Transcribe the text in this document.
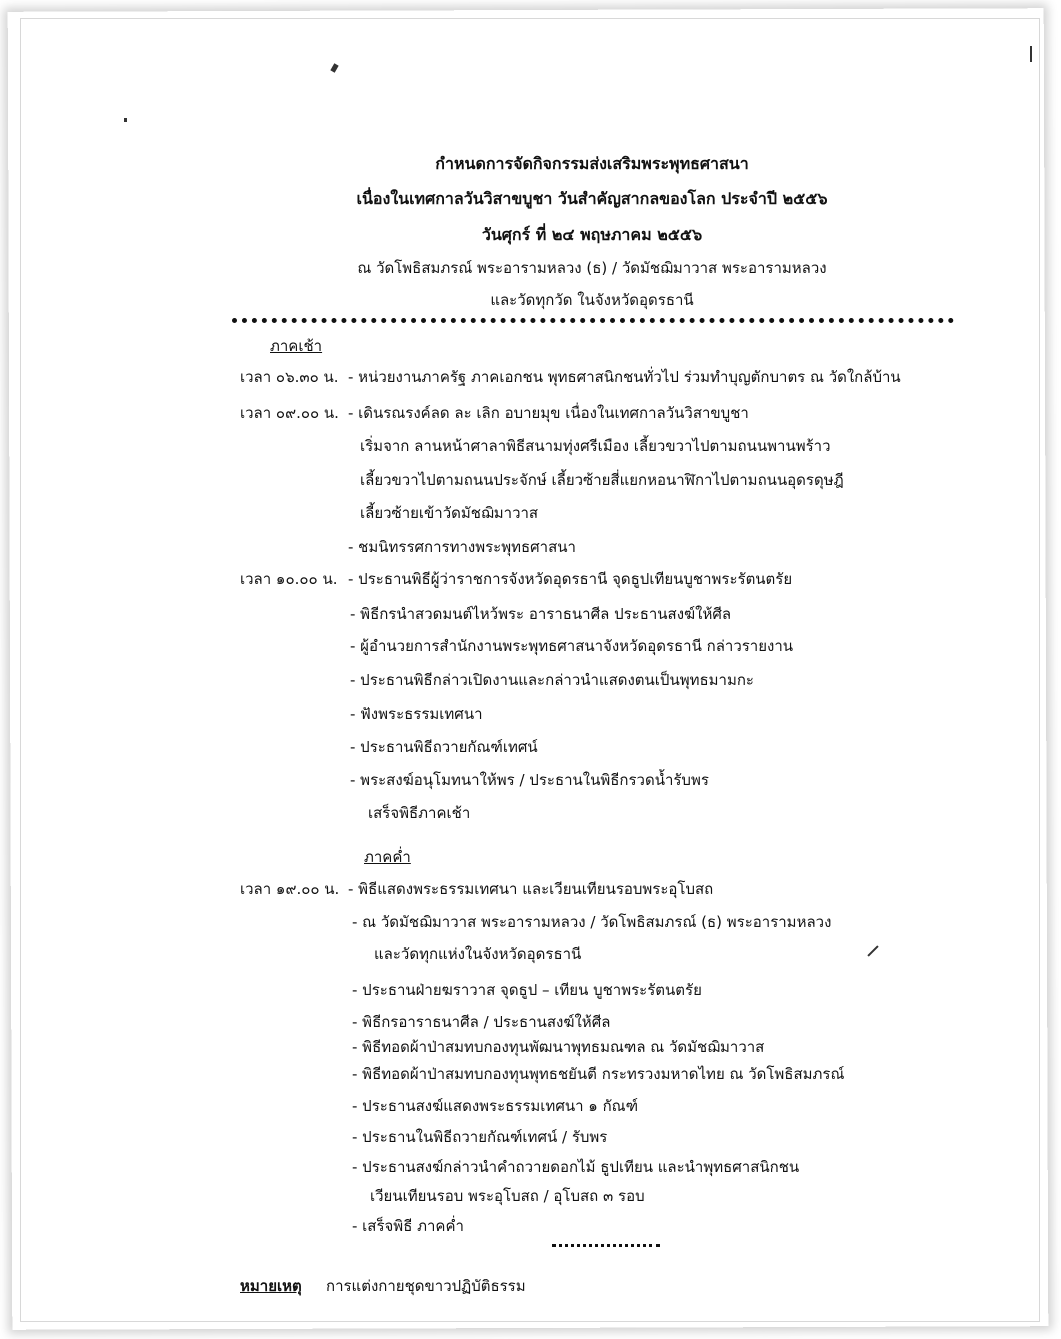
กำหนดการจัดกิจกรรมส่งเสริมพระพุทธศาสนา
เนื่องในเทศกาลวันวิสาขบูชา วันสำคัญสากลของโลก ประจำปี ๒๕๕๖
วันศุกร์ ที่ ๒๔ พฤษภาคม ๒๕๕๖
ณ วัดโพธิสมภรณ์ พระอารามหลวง (ธ) / วัดมัชฌิมาวาส พระอารามหลวง
และวัดทุกวัด ในจังหวัดอุดรธานี
ภาคเช้า
เวลา ๐๖.๓๐ น. - หน่วยงานภาครัฐ ภาคเอกชน พุทธศาสนิกชนทั่วไป ร่วมทำบุญตักบาตร ณ วัดใกล้บ้าน
เวลา ๐๙.๐๐ น. - เดินรณรงค์ลด ละ เลิก อบายมุข เนื่องในเทศกาลวันวิสาขบูชา
เริ่มจาก ลานหน้าศาลาพิธีสนามทุ่งศรีเมือง เลี้ยวขวาไปตามถนนพานพร้าว
เลี้ยวขวาไปตามถนนประจักษ์ เลี้ยวซ้ายสี่แยกหอนาฬิกาไปตามถนนอุดรดุษฎี
เลี้ยวซ้ายเข้าวัดมัชฌิมาวาส
- ชมนิทรรศการทางพระพุทธศาสนา
เวลา ๑๐.๐๐ น. - ประธานพิธีผู้ว่าราชการจังหวัดอุดรธานี จุดธูปเทียนบูชาพระรัตนตรัย
- พิธีกรนำสวดมนต์ไหว้พระ อาราธนาศีล ประธานสงฆ์ให้ศีล
- ผู้อำนวยการสำนักงานพระพุทธศาสนาจังหวัดอุดรธานี กล่าวรายงาน
- ประธานพิธีกล่าวเปิดงานและกล่าวนำแสดงตนเป็นพุทธมามกะ
- ฟังพระธรรมเทศนา
- ประธานพิธีถวายกัณฑ์เทศน์
- พระสงฆ์อนุโมทนาให้พร / ประธานในพิธีกรวดน้ำรับพร
เสร็จพิธีภาคเช้า
ภาคค่ำ
เวลา ๑๙.๐๐ น. - พิธีแสดงพระธรรมเทศนา และเวียนเทียนรอบพระอุโบสถ
- ณ วัดมัชฌิมาวาส พระอารามหลวง / วัดโพธิสมภรณ์ (ธ) พระอารามหลวง
และวัดทุกแห่งในจังหวัดอุดรธานี
- ประธานฝ่ายฆราวาส จุดธูป – เทียน บูชาพระรัตนตรัย
- พิธีกรอาราธนาศีล / ประธานสงฆ์ให้ศีล
- พิธีทอดผ้าป่าสมทบกองทุนพัฒนาพุทธมณฑล ณ วัดมัชฌิมาวาส
- พิธีทอดผ้าป่าสมทบกองทุนพุทธชยันตี กระทรวงมหาดไทย ณ วัดโพธิสมภรณ์
- ประธานสงฆ์แสดงพระธรรมเทศนา ๑ กัณฑ์
- ประธานในพิธีถวายกัณฑ์เทศน์ / รับพร
- ประธานสงฆ์กล่าวนำคำถวายดอกไม้ ธูปเทียน และนำพุทธศาสนิกชน
เวียนเทียนรอบ พระอุโบสถ / อุโบสถ ๓ รอบ
- เสร็จพิธี ภาคค่ำ
หมายเหตุ การแต่งกายชุดขาวปฏิบัติธรรม
